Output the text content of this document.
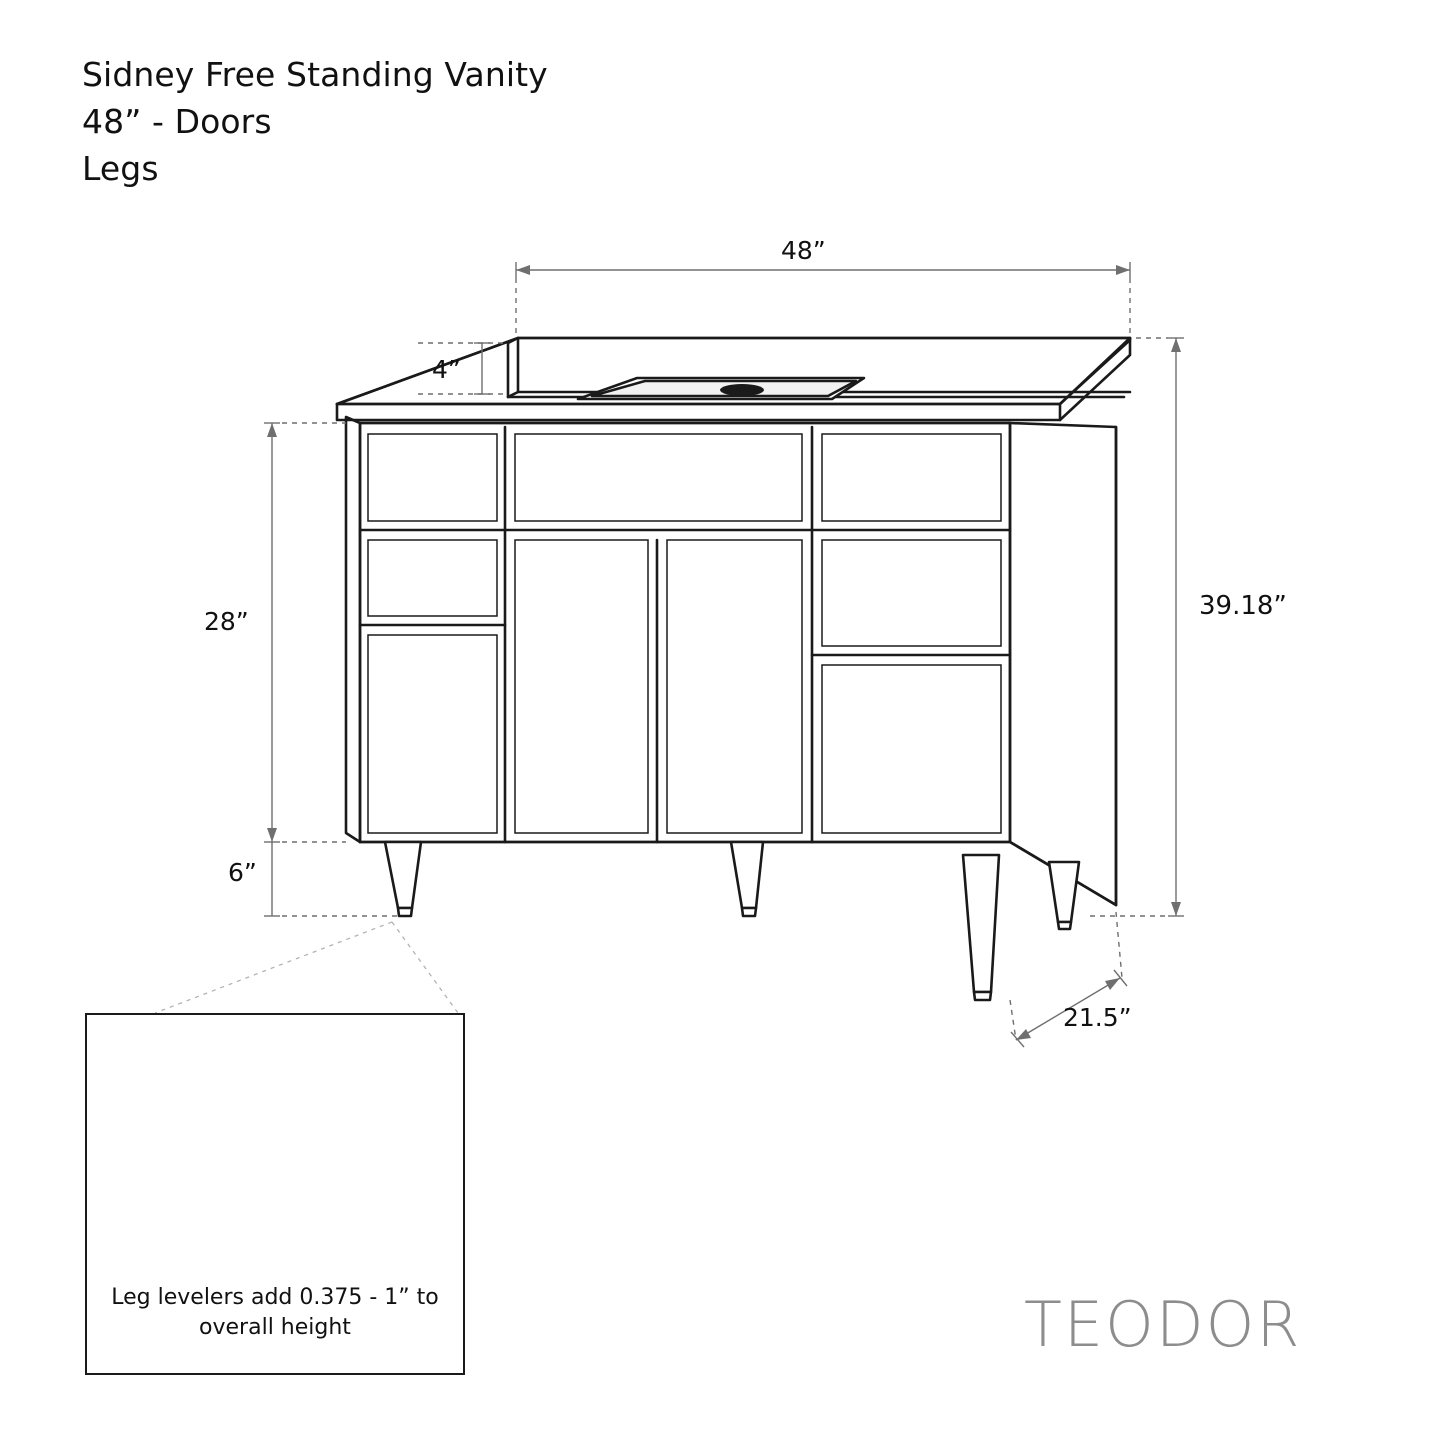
Sidney Free Standing Vanity
48” - Doors
Legs
48”
4”
28”
6”
39.18”
21.5”
Leg levelers add 0.375 - 1” to overall height	TEODOR
